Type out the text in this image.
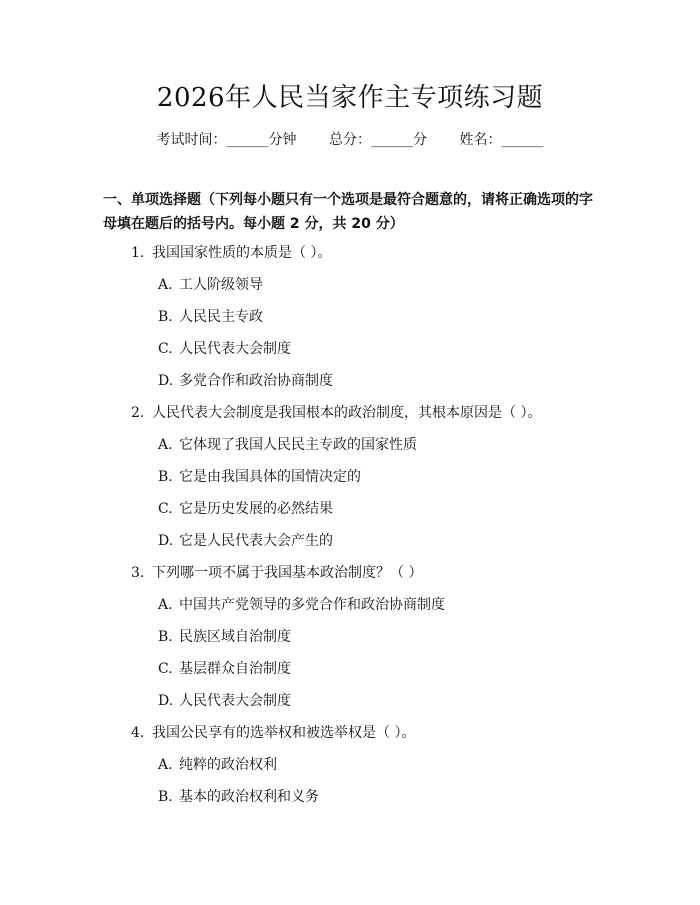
2026年人民当家作主专项练习题
考试时间：______分钟 总分：______分 姓名：______
一、单项选择题（下列每小题只有一个选项是最符合题意的，请将正确选项的字
母填在题后的括号内。每小题 2 分，共 20 分）
1. 我国国家性质的本质是（ ）。
A. 工人阶级领导
B. 人民民主专政
C. 人民代表大会制度
D. 多党合作和政治协商制度
2. 人民代表大会制度是我国根本的政治制度，其根本原因是（ ）。
A. 它体现了我国人民民主专政的国家性质
B. 它是由我国具体的国情决定的
C. 它是历史发展的必然结果
D. 它是人民代表大会产生的
3. 下列哪一项不属于我国基本政治制度？（ ）
A. 中国共产党领导的多党合作和政治协商制度
B. 民族区域自治制度
C. 基层群众自治制度
D. 人民代表大会制度
4. 我国公民享有的选举权和被选举权是（ ）。
A. 纯粹的政治权利
B. 基本的政治权利和义务
